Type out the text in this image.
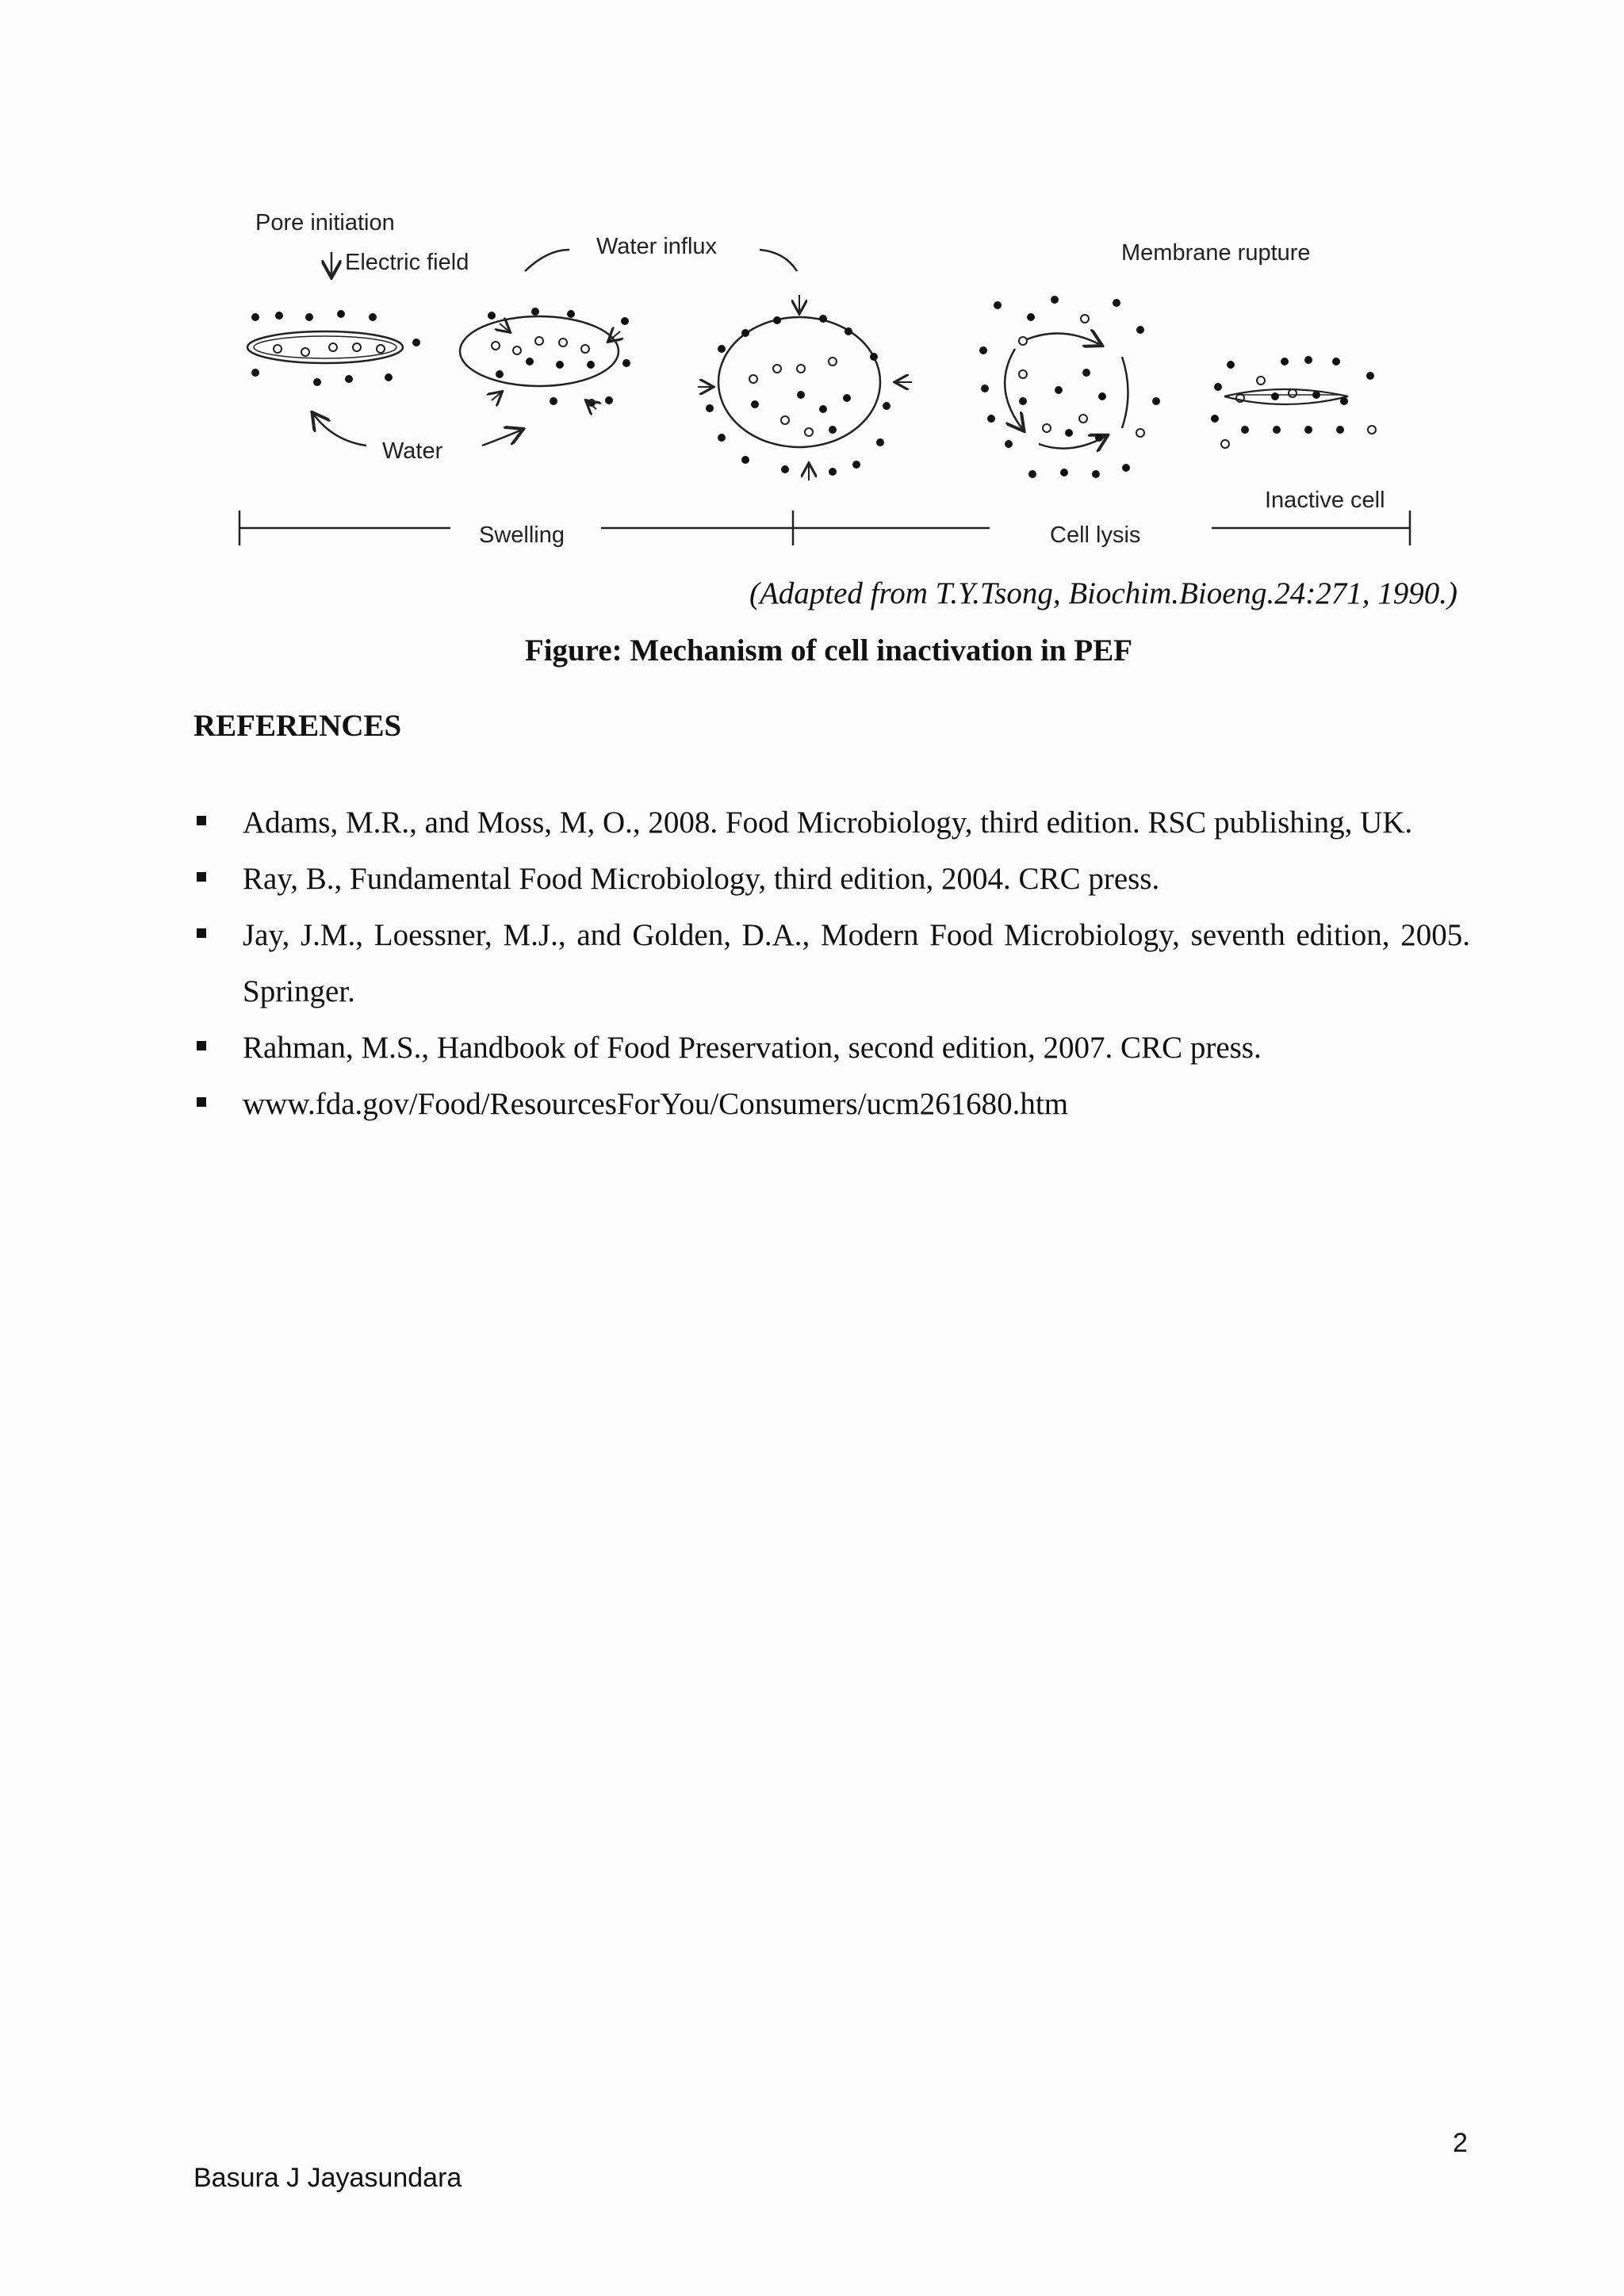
Pore initiation
Electric field
Water influx	Membrane rupture
Water
Inactive cell
Swelling	Cell lysis
(Adapted from T.Y.Tsong, Biochim.Bioeng.24:271, 1990.)
Figure: Mechanism of cell inactivation in PEF
REFERENCES
Adams, M.R., and Moss, M, O., 2008. Food Microbiology, third edition. RSC publishing, UK.
Ray, B., Fundamental Food Microbiology, third edition, 2004. CRC press.
Jay, J.M., Loessner, M.J., and Golden, D.A., Modern Food Microbiology, seventh edition, 2005. Springer.
Rahman, M.S., Handbook of Food Preservation, second edition, 2007. CRC press.
www.fda.gov/Food/ResourcesForYou/Consumers/ucm261680.htm
2
Basura J Jayasundara
